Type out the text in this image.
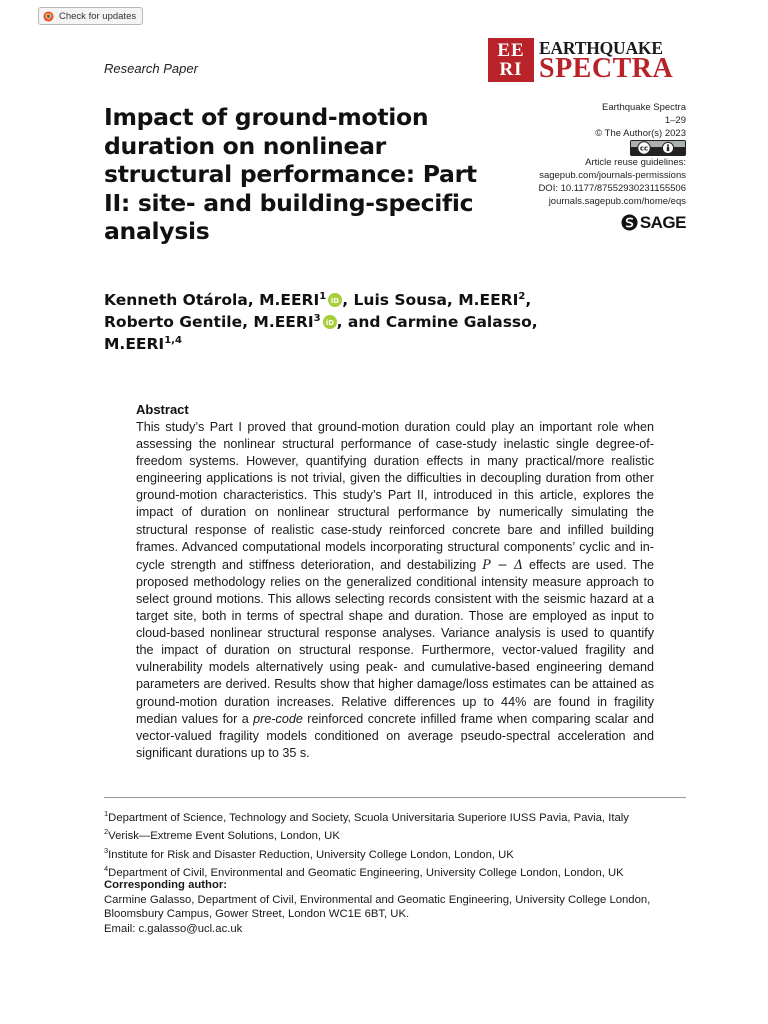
Check for updates
Research Paper
EE
RI
EARTHQUAKE
SPECTRA
Impact of ground-motion duration on nonlinear structural performance: Part II: site- and building-specific analysis
Earthquake Spectra
1–29
© The Author(s) 2023
cc
Article reuse guidelines:
sagepub.com/journals-permissions
DOI: 10.1177/87552930231155506
journals.sagepub.com/home/eqs
SAGE

Kenneth Otárola, M.EERI$^1$ iD , Luis Sousa, M.EERI$^2$, Roberto Gentile, M.EERI$^3$ iD , and Carmine Galasso, M.EERI$^{1,4}$

Abstract

This study’s Part I proved that ground-motion duration could play an important role when assessing the nonlinear structural performance of case-study inelastic single degree-of-freedom systems. However, quantifying duration effects in many practical/more realistic engineering applications is not trivial, given the difficulties in decoupling duration from other ground-motion characteristics. This study’s Part II, introduced in this article, explores the impact of duration on nonlinear structural performance by numerically simulating the structural response of realistic case-study reinforced concrete bare and infilled building frames. Advanced computational models incorporating structural components’ cyclic and in-cycle strength and stiffness deterioration, and destabilizing P − Δ effects are used. The proposed methodology relies on the generalized conditional intensity measure approach to select ground motions. This allows selecting records consistent with the seismic hazard at a target site, both in terms of spectral shape and duration. Those are employed as input to cloud-based nonlinear structural response analyses. Variance analysis is used to quantify the impact of duration on structural response. Furthermore, vector-valued fragility and vulnerability models alternatively using peak- and cumulative-based engineering demand parameters are derived. Results show that higher damage/loss estimates can be attained as ground-motion duration increases. Relative differences up to 44% are found in fragility median values for a pre-code reinforced concrete infilled frame when comparing scalar and vector-valued fragility models conditioned on average pseudo-spectral acceleration and significant durations up to 35 s.

$^1$Department of Science, Technology and Society, Scuola Universitaria Superiore IUSS Pavia, Pavia, Italy
$^2$Verisk—Extreme Event Solutions, London, UK
$^3$Institute for Risk and Disaster Reduction, University College London, London, UK
$^4$Department of Civil, Environmental and Geomatic Engineering, University College London, London, UK
Corresponding author:
Carmine Galasso, Department of Civil, Environmental and Geomatic Engineering, University College London,
Bloomsbury Campus, Gower Street, London WC1E 6BT, UK.
Email: c.galasso@ucl.ac.uk
